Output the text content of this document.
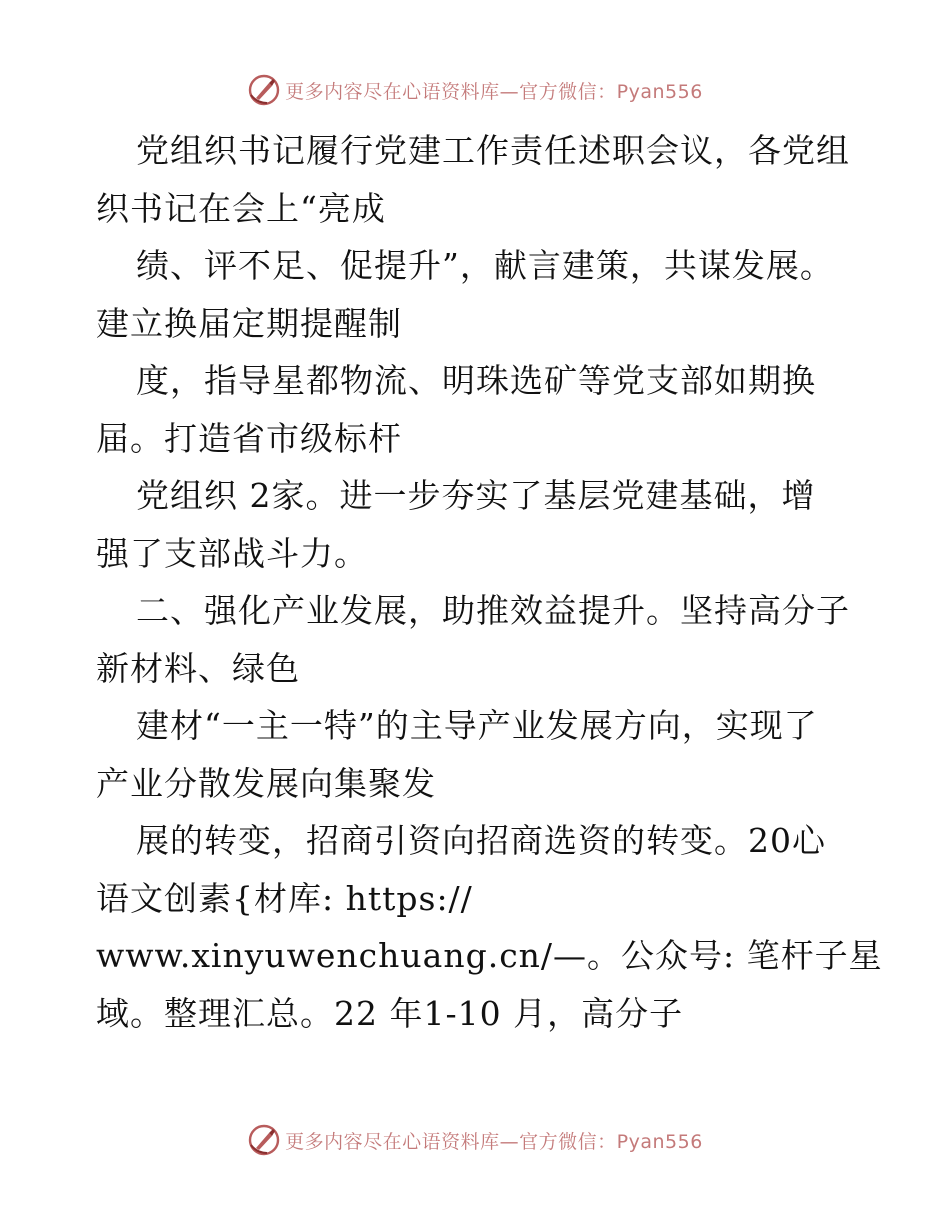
更多内容尽在心语资料库—官方微信：Pyan556
党组织书记履行党建工作责任述职会议，各党组
织书记在会上“亮成
绩、评不足、促提升”，献言建策，共谋发展。
建立换届定期提醒制
度，指导星都物流、明珠选矿等党支部如期换
届。打造省市级标杆
党组织 2家。进一步夯实了基层党建基础，增
强了支部战斗力。
二、强化产业发展，助推效益提升。坚持高分子
新材料、绿色
建材“一主一特”的主导产业发展方向，实现了
产业分散发展向集聚发
展的转变，招商引资向招商选资的转变。20心
语文创素{材库: https://
www.xinyuwenchuang.cn/—。公众号: 笔杆子星
域。整理汇总。22 年1-10 月，高分子
更多内容尽在心语资料库—官方微信：Pyan556
